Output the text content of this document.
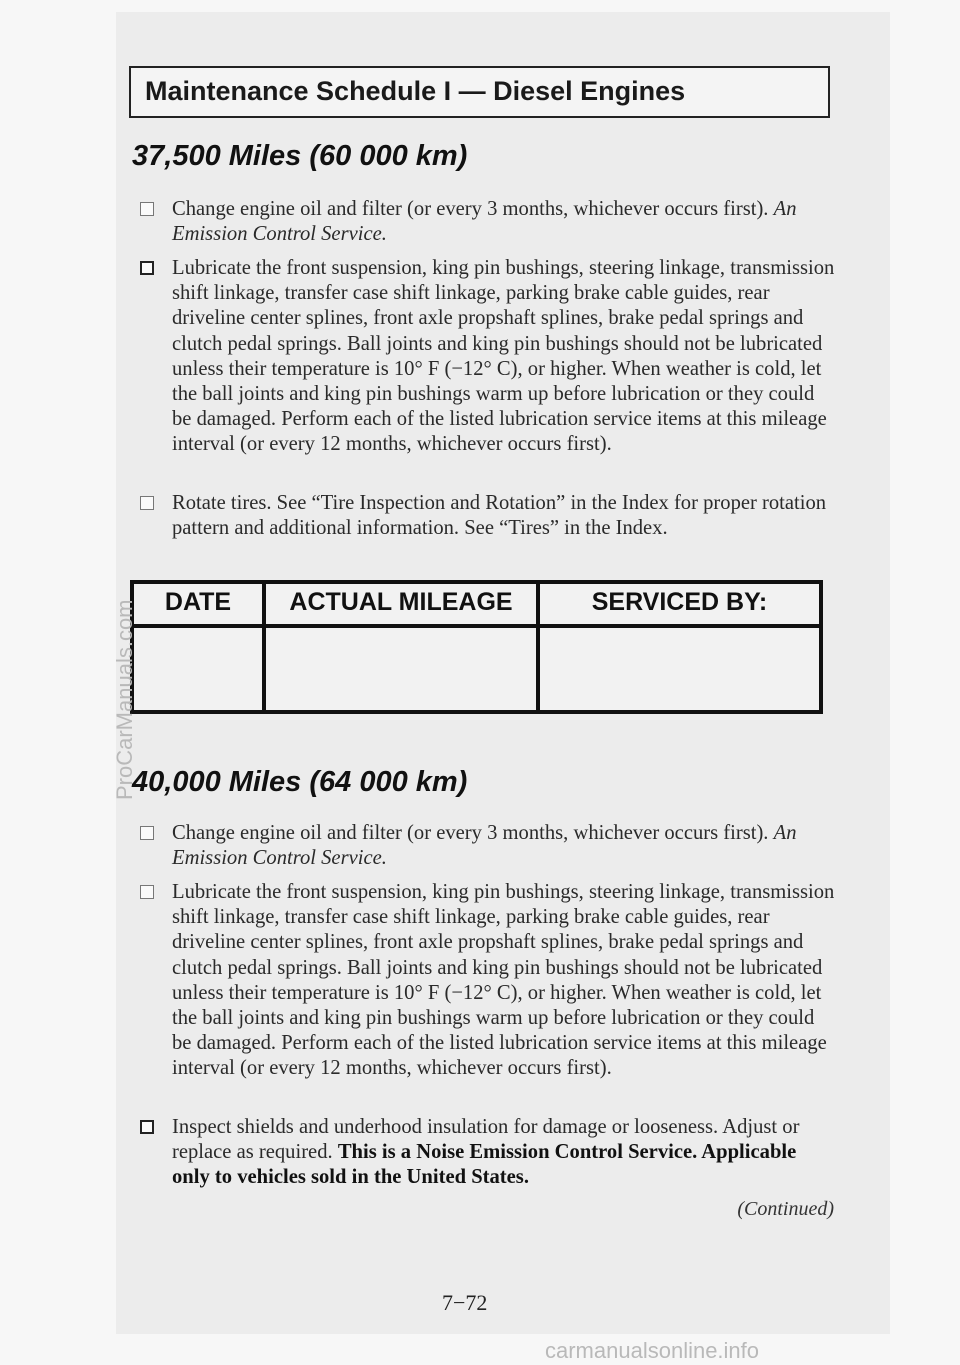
Maintenance Schedule I — Diesel Engines
37,500 Miles (60 000 km)
Change engine oil and filter (or every 3 months, whichever occurs first). An Emission Control Service.
Lubricate the front suspension, king pin bushings, steering linkage, transmission shift linkage, transfer case shift linkage, parking brake cable guides, rear driveline center splines, front axle propshaft splines, brake pedal springs and clutch pedal springs. Ball joints and king pin bushings should not be lubricated unless their temperature is 10° F (−12° C), or higher. When weather is cold, let the ball joints and king pin bushings warm up before lubrication or they could be damaged. Perform each of the listed lubrication service items at this mileage interval (or every 12 months, whichever occurs first).
Rotate tires. See “Tire Inspection and Rotation” in the Index for proper rotation pattern and additional information. See “Tires” in the Index.
DATE	ACTUAL MILEAGE	SERVICED BY:
40,000 Miles (64 000 km)
Change engine oil and filter (or every 3 months, whichever occurs first). An Emission Control Service.
Lubricate the front suspension, king pin bushings, steering linkage, transmission shift linkage, transfer case shift linkage, parking brake cable guides, rear driveline center splines, front axle propshaft splines, brake pedal springs and clutch pedal springs. Ball joints and king pin bushings should not be lubricated unless their temperature is 10° F (−12° C), or higher. When weather is cold, let the ball joints and king pin bushings warm up before lubrication or they could be damaged. Perform each of the listed lubrication service items at this mileage interval (or every 12 months, whichever occurs first).
Inspect shields and underhood insulation for damage or looseness. Adjust or replace as required. This is a Noise Emission Control Service. Applicable only to vehicles sold in the United States.
(Continued)
7−72
ProCarManuals.com
carmanualsonline.info
